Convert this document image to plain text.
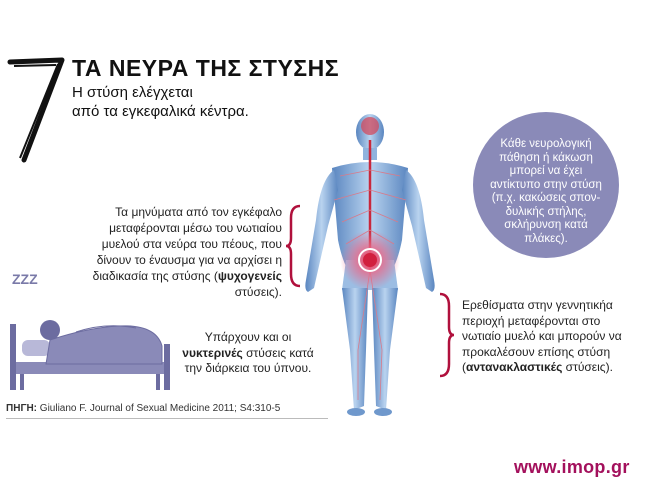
ΤΑ ΝΕΥΡΑ ΤΗΣ ΣΤΥΣΗΣ
Η στύση ελέγχεται
από τα εγκεφαλικά κέντρα.
Τα μηνύματα από τον εγκέφαλο μεταφέρονται μέσω του νωτιαίου μυελού στα νεύρα του πέους, που δίνουν το έναυσμα για να αρχίσει η διαδικασία της στύσης (ψυχογενείς στύσεις).
Κάθε νευρολογική πάθηση ή κάκωση μπορεί να έχει αντίκτυπο στην στύση (π.χ. κακώσεις σπον-δυλικής στήλης, σκλήρυνση κατά πλάκες).
Ερεθίσματα στην γεννητικήα περιοχή μεταφέρονται στο νωτιαίο μυελό και μπορούν να προκαλέσουν επίσης στύση (αντανακλαστικές στύσεις).
ZZZ
Υπάρχουν και οι νυκτερινές στύσεις κατά την διάρκεια του ύπνου.
ΠΗΓΗ: Giuliano F. Journal of Sexual Medicine 2011; S4:310-5
www.imop.gr
